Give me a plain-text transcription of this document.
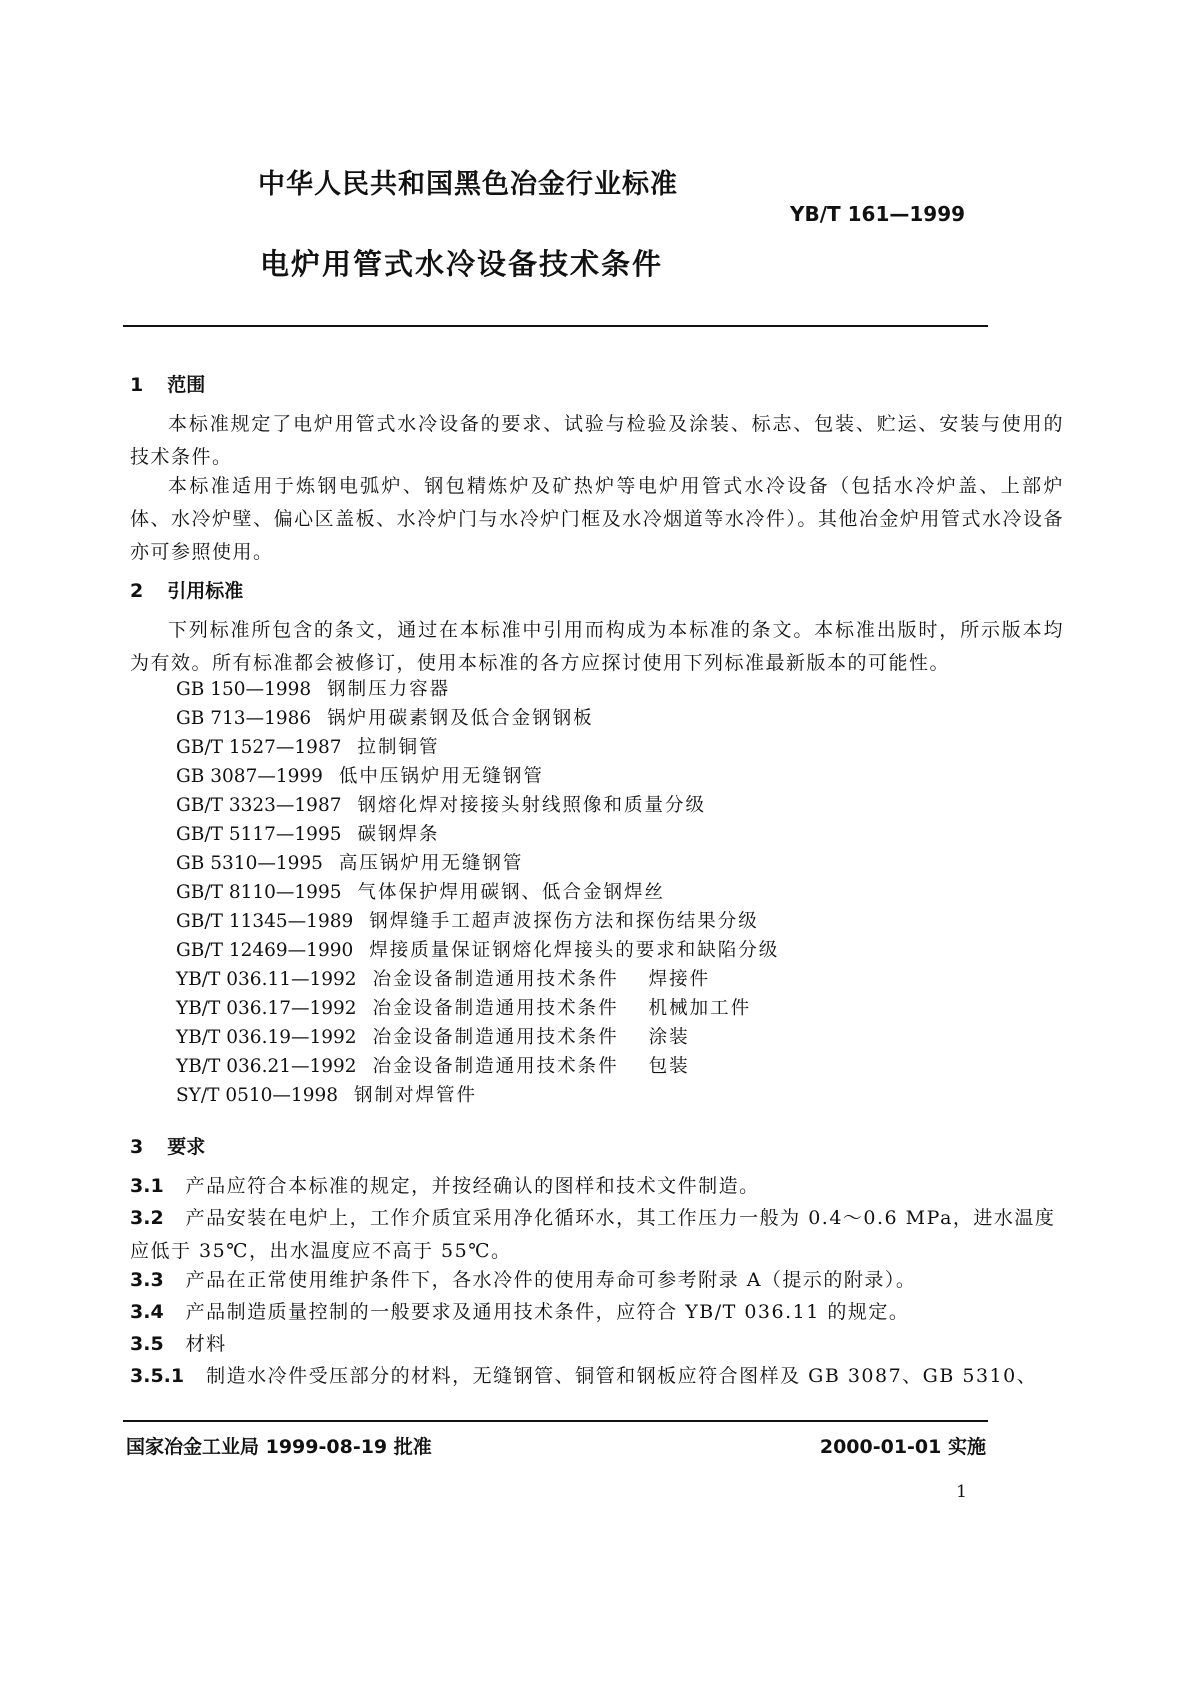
中华人民共和国黑色冶金行业标准
YB/T 161—1999
电炉用管式水冷设备技术条件
1 范围
本标准规定了电炉用管式水冷设备的要求、试验与检验及涂装、标志、包装、贮运、安装与使用的技术条件。
本标准适用于炼钢电弧炉、钢包精炼炉及矿热炉等电炉用管式水冷设备（包括水冷炉盖、上部炉体、水冷炉壁、偏心区盖板、水冷炉门与水冷炉门框及水冷烟道等水冷件）。其他冶金炉用管式水冷设备亦可参照使用。
2 引用标准
下列标准所包含的条文，通过在本标准中引用而构成为本标准的条文。本标准出版时，所示版本均为有效。所有标准都会被修订，使用本标准的各方应探讨使用下列标准最新版本的可能性。
GB 150—1998 钢制压力容器
GB 713—1986 锅炉用碳素钢及低合金钢钢板
GB/T 1527—1987 拉制铜管
GB 3087—1999 低中压锅炉用无缝钢管
GB/T 3323—1987 钢熔化焊对接接头射线照像和质量分级
GB/T 5117—1995 碳钢焊条
GB 5310—1995 高压锅炉用无缝钢管
GB/T 8110—1995 气体保护焊用碳钢、低合金钢焊丝
GB/T 11345—1989 钢焊缝手工超声波探伤方法和探伤结果分级
GB/T 12469—1990 焊接质量保证钢熔化焊接头的要求和缺陷分级
YB/T 036.11—1992 冶金设备制造通用技术条件 焊接件
YB/T 036.17—1992 冶金设备制造通用技术条件 机械加工件
YB/T 036.19—1992 冶金设备制造通用技术条件 涂装
YB/T 036.21—1992 冶金设备制造通用技术条件 包装
SY/T 0510—1998 钢制对焊管件
3 要求
3.1 产品应符合本标准的规定，并按经确认的图样和技术文件制造。
3.2 产品安装在电炉上，工作介质宜采用净化循环水，其工作压力一般为 0.4～0.6 MPa，进水温度应低于 35℃，出水温度应不高于 55℃。
3.3 产品在正常使用维护条件下，各水冷件的使用寿命可参考附录 A（提示的附录）。
3.4 产品制造质量控制的一般要求及通用技术条件，应符合 YB/T 036.11 的规定。
3.5 材料
3.5.1 制造水冷件受压部分的材料，无缝钢管、铜管和钢板应符合图样及 GB 3087、GB 5310、
国家冶金工业局 1999-08-19 批准	2000-01-01 实施
1
